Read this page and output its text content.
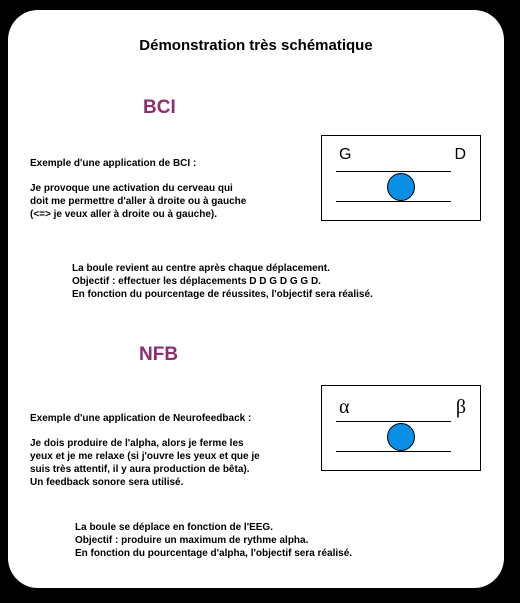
Démonstration très schématique
BCI
Exemple d'une application de BCI :
Je provoque une activation du cerveau qui
doit me permettre d'aller à droite ou à gauche
(<=> je veux aller à droite ou à gauche).
G	D
La boule revient au centre après chaque déplacement.
Objectif : effectuer les déplacements D D G D G G D.
En fonction du pourcentage de réussites, l'objectif sera réalisé.
NFB
Exemple d'une application de Neurofeedback :
Je dois produire de l'alpha, alors je ferme les
yeux et je me relaxe (si j'ouvre les yeux et que je
suis très attentif, il y aura production de bêta).
Un feedback sonore sera utilisé.
α	β
La boule se déplace en fonction de l'EEG.
Objectif : produire un maximum de rythme alpha.
En fonction du pourcentage d'alpha, l'objectif sera réalisé.
